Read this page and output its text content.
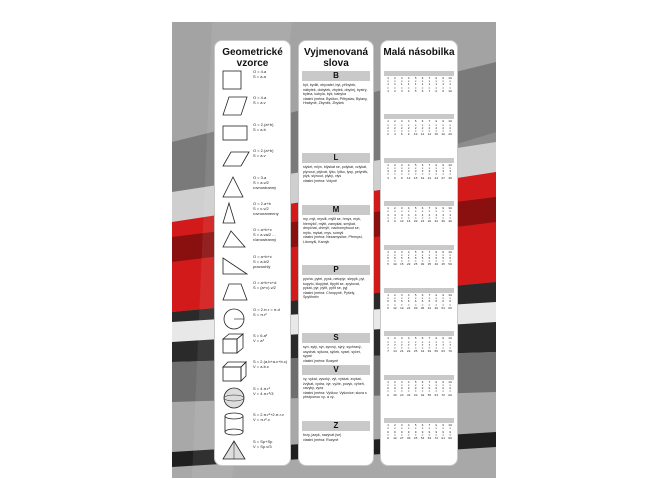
Geometrické vzorce
O = 4.a
S = a.a
O = 4.a
S = a.v
O = 2.(a+b)
S = a.b
O = 2.(a+b)
S = a.v
O = 3.a
S = a.v/2
rovnostranný
O = 2.a+b
S = c.v/2
rovnoramenný
O = a+b+c
S = a.va/2 ...
rôznostranný
O = a+b+c
S = a.b/2
pravouhlý
O = a+b+c+d
S = (a+c).v/2
O = 2.π.r = π.d
S = π.r²
S = 6.a²
V = a³
S = 2.(a.b+a.c+b.c)
V = a.b.c
S = 4.π.r²
V = 4.π.r³/3
S = 2.π.r²+2.π.r.v
V = π.r².v
S = Sp+Sp
V = Sp.v/3
Vyjmenovaná slova
B
být, bydlit, obyvatel, byt, příbytek, nábytek, dobytek, zbytek, obyčej, bystrý, bylina, kobyla, býk, babyka
vlastní jména: Bydžov, Přibyslav, Bylany, Hrabyně, Zbyněk, Zbyšek
L
slyšet, mlýn, blýskat se, polykat, vzlykat, plynout, plýtvat, lýko, lýtko, lysý, pelyněk, plyš, slynout, plyký, vlys
vlastní jména: Volyně
M
my, mýt, myslit, mýlit se, hmyz, myš, hlemýžď, mýtit, zamykat, smýkat, dmýchat, chmýří, nachomýtnout se, mýto, mykat, mys, sumýš
vlastní jména: Nezamyslice, Přemysl, Litomyšl, Kamýk
P
pýcha, pytel, pysk, netopýr, slepýš, pyl, kopyto, klopýtat, třpytit se, zpytovat, pykat, pýr, pýřit, pýřit se, pyj
vlastní jména: Chropyně, Pyšely, Spytihněv
S
syn, sytý, sýr, syrový, sýrý, sychravý, usychat, sýkora, sýček, sysel, syčet, sypat
vlastní jména: Bosyně
V
vy, vykat, vysoký, výt, výskat, zvykat, žvýkat, vydra, výr, vyžle, povyk, výheň, cavyky, vyza
vlastní jména: Vyškov, Vyšovice; slova s předponou vy- a vý-
Z
brzy, jazyk, nazývat (se)
vlastní jména: Ruzyně
Malá násobilka
1
x
1
=
1
2
x
1
=
2
3
x
1
=
3
4
x
1
=
4
5
x
1
=
5
6
x
1
=
6
7
x
1
=
7
8
x
1
=
8
9
x
1
=
9
10
x
1
=
10
1
x
2
=
2
2
x
2
=
4
3
x
2
=
6
4
x
2
=
8
5
x
2
=
10
6
x
2
=
12
7
x
2
=
14
8
x
2
=
16
9
x
2
=
18
10
x
2
=
20
1
x
3
=
3
2
x
3
=
6
3
x
3
=
9
4
x
3
=
12
5
x
3
=
15
6
x
3
=
18
7
x
3
=
21
8
x
3
=
24
9
x
3
=
27
10
x
3
=
30
1
x
4
=
4
2
x
4
=
8
3
x
4
=
12
4
x
4
=
16
5
x
4
=
20
6
x
4
=
24
7
x
4
=
28
8
x
4
=
32
9
x
4
=
36
10
x
4
=
40
1
x
5
=
5
2
x
5
=
10
3
x
5
=
15
4
x
5
=
20
5
x
5
=
25
6
x
5
=
30
7
x
5
=
35
8
x
5
=
40
9
x
5
=
45
10
x
5
=
50
1
x
6
=
6
2
x
6
=
12
3
x
6
=
18
4
x
6
=
24
5
x
6
=
30
6
x
6
=
36
7
x
6
=
42
8
x
6
=
48
9
x
6
=
54
10
x
6
=
60
1
x
7
=
7
2
x
7
=
14
3
x
7
=
21
4
x
7
=
28
5
x
7
=
35
6
x
7
=
42
7
x
7
=
49
8
x
7
=
56
9
x
7
=
63
10
x
7
=
70
1
x
8
=
8
2
x
8
=
16
3
x
8
=
24
4
x
8
=
32
5
x
8
=
40
6
x
8
=
48
7
x
8
=
56
8
x
8
=
64
9
x
8
=
72
10
x
8
=
80
1
x
9
=
9
2
x
9
=
18
3
x
9
=
27
4
x
9
=
36
5
x
9
=
45
6
x
9
=
54
7
x
9
=
63
8
x
9
=
72
9
x
9
=
81
10
x
9
=
90
